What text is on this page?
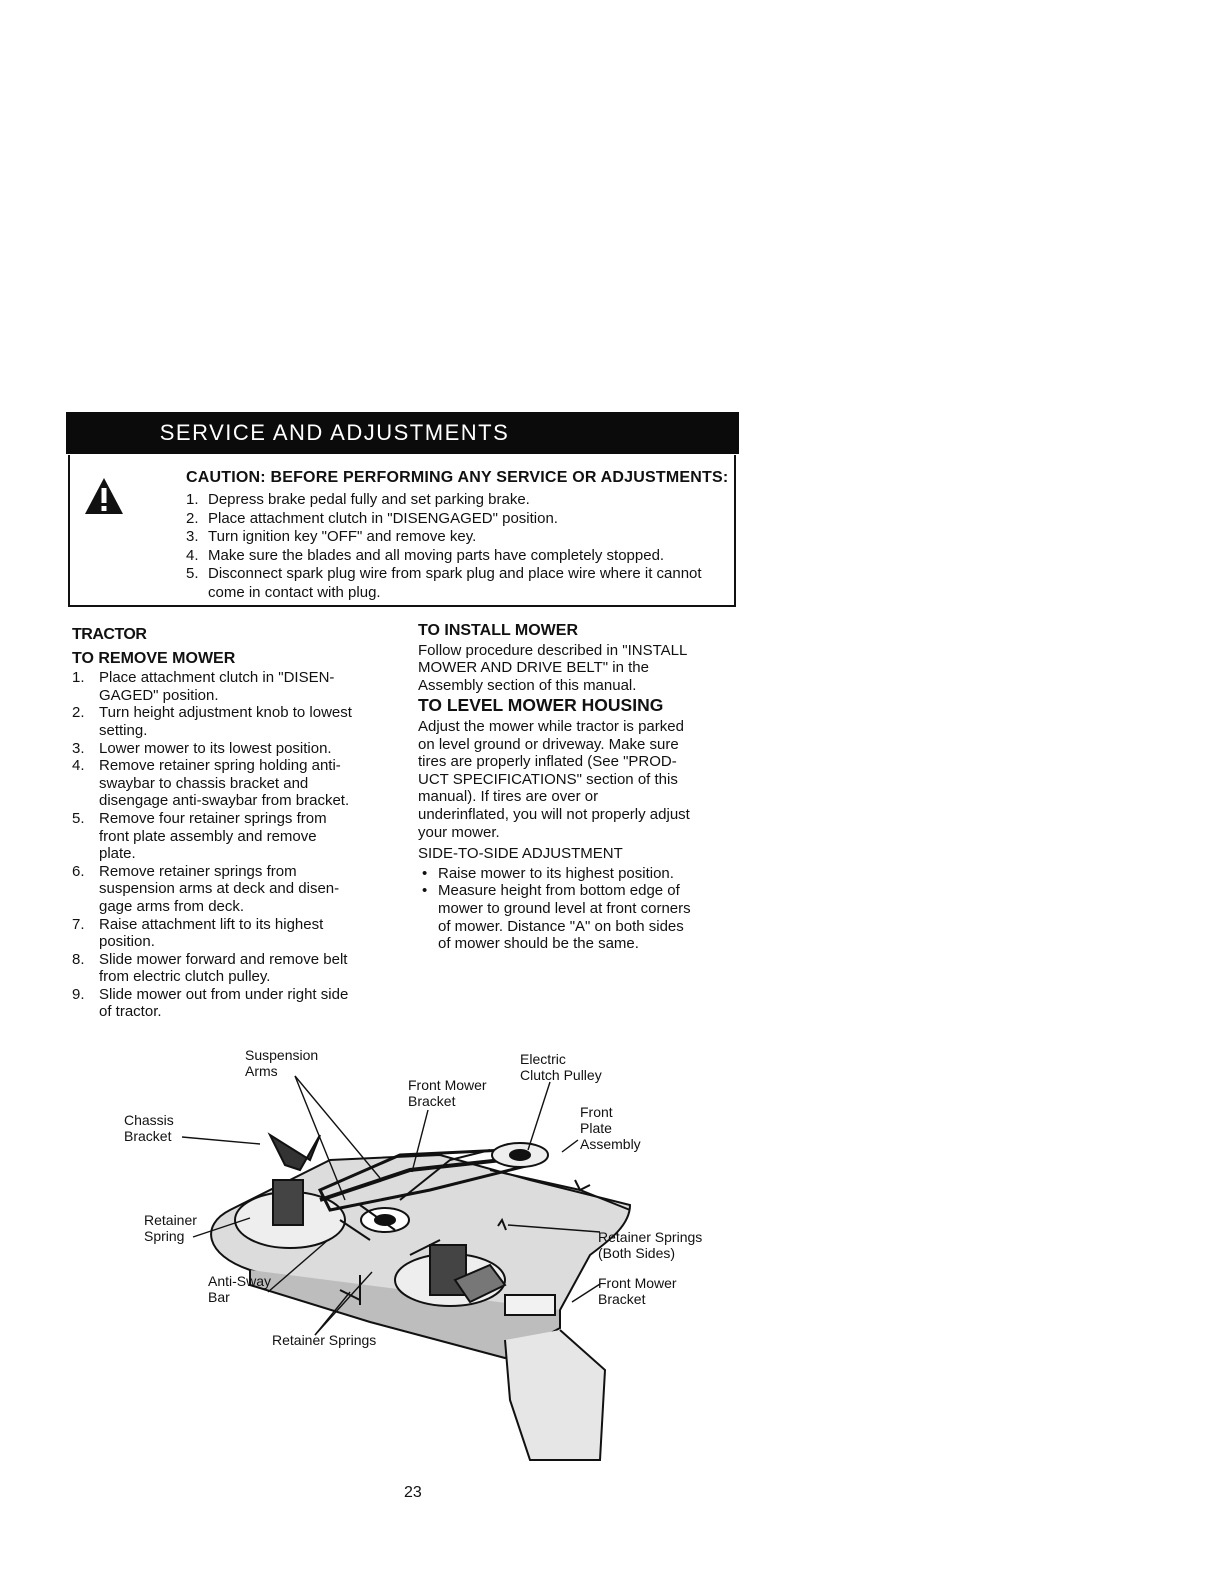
SERVICE AND ADJUSTMENTS
CAUTION: BEFORE PERFORMING ANY SERVICE OR ADJUSTMENTS:
1. Depress brake pedal fully and set parking brake.
2. Place attachment clutch in "DISENGAGED" position.
3. Turn ignition key "OFF" and remove key.
4. Make sure the blades and all moving parts have completely stopped.
5. Disconnect spark plug wire from spark plug and place wire where it cannot
come in contact with plug.
TRACTOR
TO REMOVE MOWER
1. Place attachment clutch in "DISEN-
GAGED" position.
2. Turn height adjustment knob to lowest
setting.
3. Lower mower to its lowest position.
4. Remove retainer spring holding anti-
swaybar to chassis bracket and
disengage anti-swaybar from bracket.
5. Remove four retainer springs from
front plate assembly and remove
plate.
6. Remove retainer springs from
suspension arms at deck and disen-
gage arms from deck.
7. Raise attachment lift to its highest
position.
8. Slide mower forward and remove belt
from electric clutch pulley.
9. Slide mower out from under right side
of tractor.
TO INSTALL MOWER

Follow procedure described in "INSTALL
MOWER AND DRIVE BELT" in the
Assembly section of this manual.

TO LEVEL MOWER HOUSING

Adjust the mower while tractor is parked
on level ground or driveway. Make sure
tires are properly inflated (See "PROD-
UCT SPECIFICATIONS" section of this
manual). If tires are over or
underinflated, you will not properly adjust
your mower.

SIDE-TO-SIDE ADJUSTMENT
• Raise mower to its highest position.
• Measure height from bottom edge of
mower to ground level at front corners
of mower. Distance "A" on both sides
of mower should be the same.
Suspension Arms
Front Mower Bracket
Electric Clutch Pulley
Front Plate Assembly
Chassis Bracket
Retainer Spring
Anti-Sway Bar
Retainer Springs
Retainer Springs (Both Sides)
Front Mower Bracket
23
